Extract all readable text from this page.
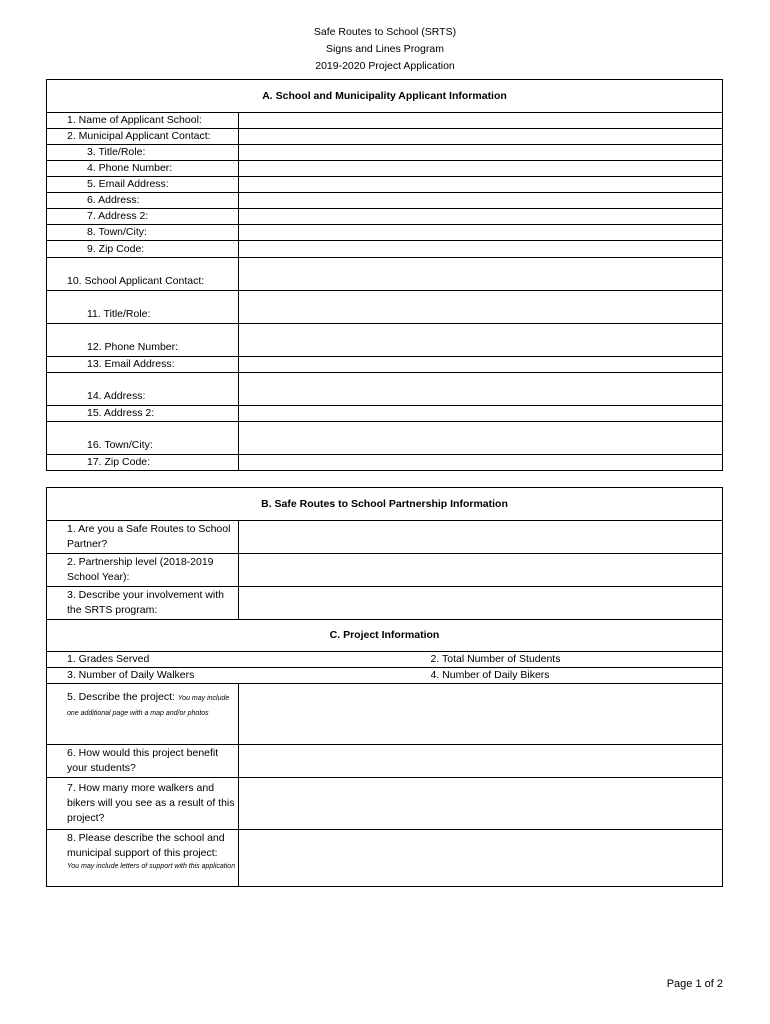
Safe Routes to School (SRTS)
Signs and Lines Program
2019-2020 Project Application
A. School and Municipality Applicant Information	
1. Name of Applicant School:	
2. Municipal Applicant Contact:	
3. Title/Role:	
4. Phone Number:	
5. Email Address:	
6. Address:	
7. Address 2:	
8. Town/City:	
9. Zip Code:	
10. School Applicant Contact:	
11. Title/Role:	
12. Phone Number:	
13. Email Address:	
14. Address:	
15. Address 2:	
16. Town/City:	
17. Zip Code:	
B. Safe Routes to School Partnership Information		
1. Are you a Safe Routes to School Partner?		
2. Partnership level (2018-2019 School Year):		
3. Describe your involvement with the SRTS program:		
C. Project Information		
1. Grades Served		2. Total Number of Students
3. Number of Daily Walkers		4. Number of Daily Bikers
5. Describe the project: You may include one additional page with a map and/or photos		
6. How would this project benefit your students?		
7. How many more walkers and bikers will you see as a result of this project?		

8. Please describe the school and municipal support of this project:
You may include letters of support with this application		

Page 1 of 2
